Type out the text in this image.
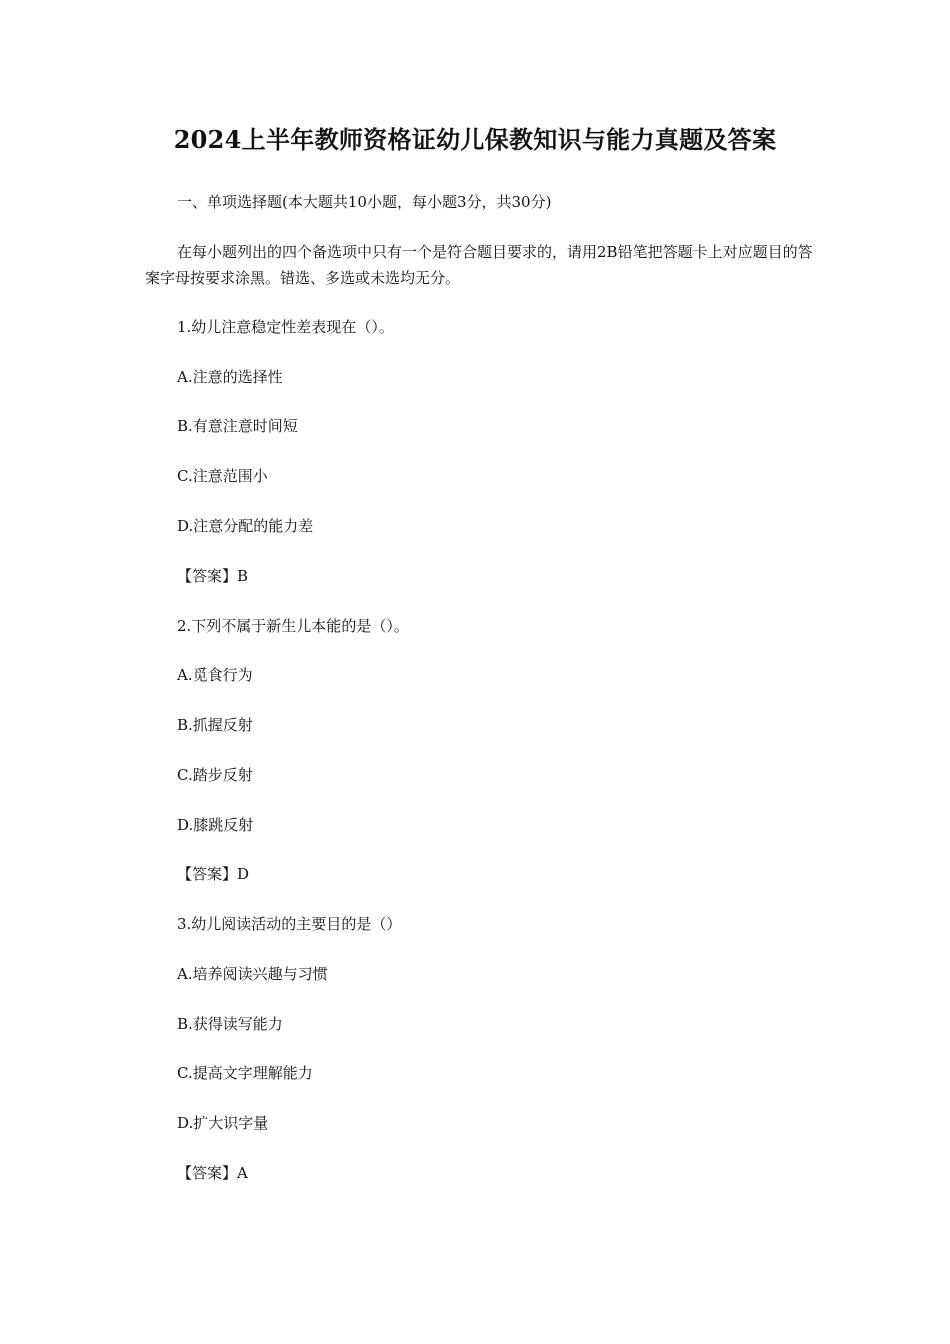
2024上半年教师资格证幼儿保教知识与能力真题及答案
一、单项选择题(本大题共10小题，每小题3分，共30分)
在每小题列出的四个备选项中只有一个是符合题目要求的，请用2B铅笔把答题卡上对应题目的答案字母按要求涂黑。错选、多选或未选均无分。
1.幼儿注意稳定性差表现在（）。
A.注意的选择性
B.有意注意时间短
C.注意范围小
D.注意分配的能力差
【答案】B
2.下列不属于新生儿本能的是（）。
A.觅食行为
B.抓握反射
C.踏步反射
D.膝跳反射
【答案】D
3.幼儿阅读活动的主要目的是（）
A.培养阅读兴趣与习惯
B.获得读写能力
C.提高文字理解能力
D.扩大识字量
【答案】A
